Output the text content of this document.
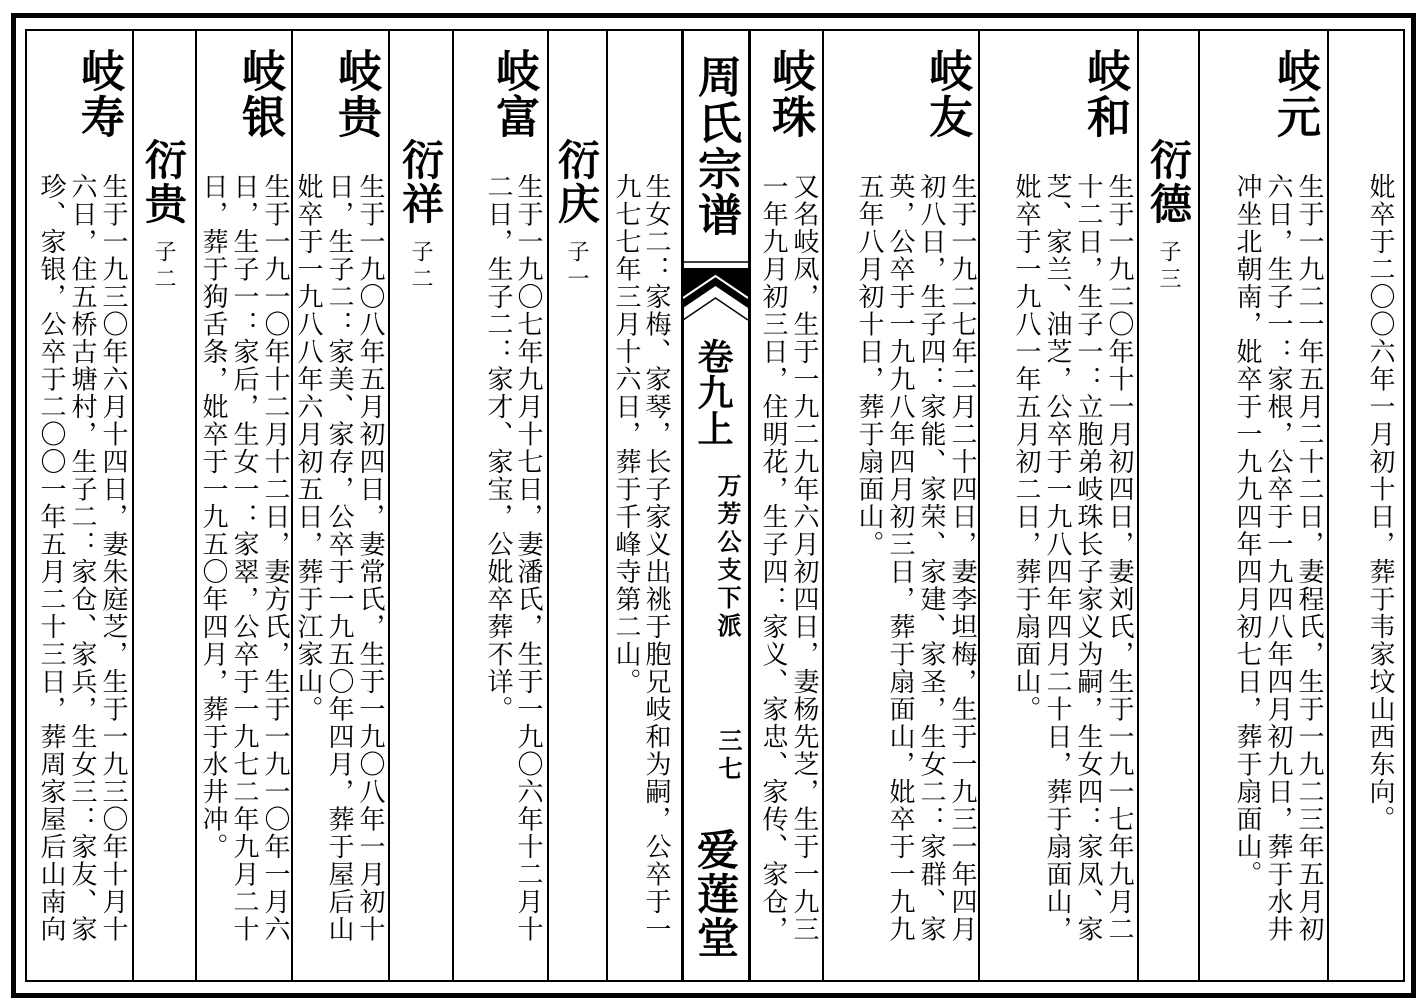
妣卒于二〇〇六年一月初十日，葬于韦家坟山西东向。
岐元
生于一九二一年五月二十二日，妻程氏，生于一九二三年五月初
六日，生子一：家根，公卒于一九四八年四月初九日，葬于水井
冲坐北朝南，妣卒于一九九四年四月初七日，葬于扇面山。
衍德
子三
岐和
生于一九二〇年十一月初四日，妻刘氏，生于一九一七年九月二
十二日，生子一：立胞弟岐珠长子家义为嗣，生女四：家凤、家
芝、家兰、油芝，公卒于一九八四年四月二十日，葬于扇面山，
妣卒于一九八一年五月初二日，葬于扇面山。
岐友
生于一九二七年二月二十四日，妻李坦梅，生于一九三一年四月
初八日，生子四：家能、家荣、家建、家圣，生女二：家群、家
英，公卒于一九九八年四月初三日，葬于扇面山，妣卒于一九九
五年八月初十日，葬于扇面山。
岐珠
又名岐凤，生于一九二九年六月初四日，妻杨先芝，生于一九三
一年九月初三日，住明花，生子四：家义、家忠、家传、家仓，
周氏宗谱
卷九上
万芳公支下派
三七
爱莲堂
生女二：家梅、家琴，长子家义出祧于胞兄岐和为嗣，公卒于一
九七七年三月十六日，葬于千峰寺第二山。
衍庆
子一
岐富
生于一九〇七年九月十七日，妻潘氏，生于一九〇六年十二月十
二日，生子二：家才、家宝，公妣卒葬不详。
衍祥
子二
岐贵
生于一九〇八年五月初四日，妻常氏，生于一九〇八年一月初十
日，生子二：家美、家存，公卒于一九五〇年四月，葬于屋后山
妣卒于一九八八年六月初五日，葬于江家山。
岐银
生于一九一〇年十二月十二日，妻方氏，生于一九一〇年一月六
日，生子一：家后，生女一：家翠，公卒于一九七二年九月二十
日，葬于狗舌条，妣卒于一九五〇年四月，葬于水井冲。
衍贵
子二
岐寿
生于一九三〇年六月十四日，妻朱庭芝，生于一九三〇年十月十
六日，住五桥古塘村，生子二：家仓、家兵，生女三：家友、家
珍、家银，公卒于二〇〇一年五月二十三日，葬周家屋后山南向
